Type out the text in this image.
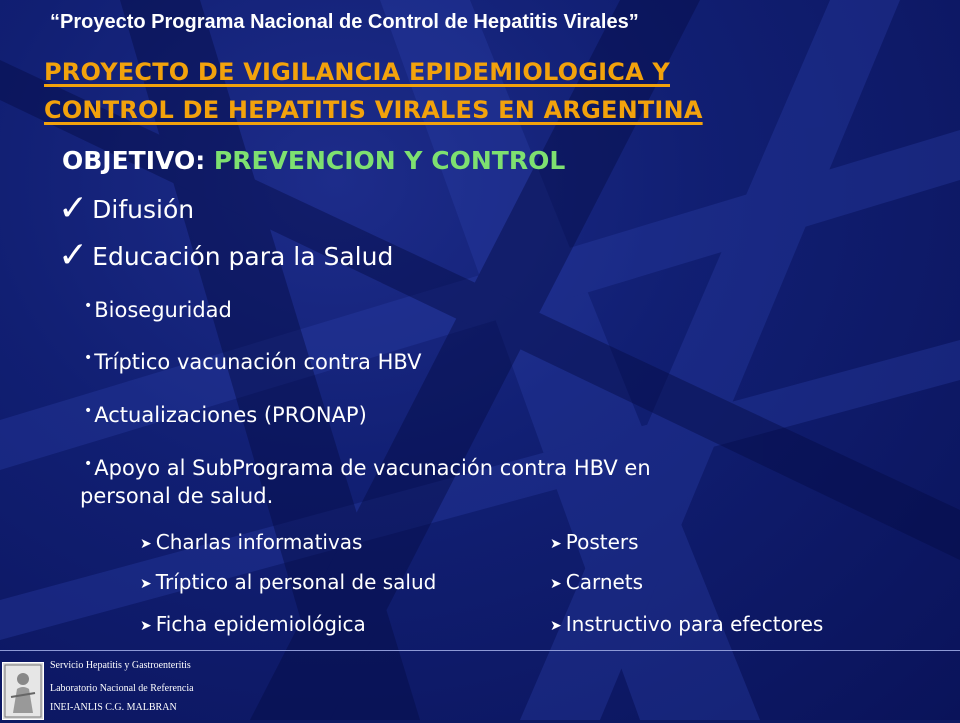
“Proyecto Programa Nacional de Control de Hepatitis Virales”
PROYECTO DE VIGILANCIA EPIDEMIOLOGICA Y
CONTROL DE HEPATITIS VIRALES EN ARGENTINA
OBJETIVO: PREVENCION Y CONTROL
✓ Difusión
✓ Educación para la Salud
•Bioseguridad
•Tríptico vacunación contra HBV
•Actualizaciones (PRONAP)
•Apoyo al SubPrograma de vacunación contra HBV en
personal de salud.
➤ Charlas informativas
➤ Tríptico al personal de salud
➤ Ficha epidemiológica
➤ Posters
➤ Carnets
➤ Instructivo para efectores
Servicio Hepatitis y Gastroenteritis
Laboratorio Nacional de Referencia
INEI-ANLIS C.G. MALBRAN
